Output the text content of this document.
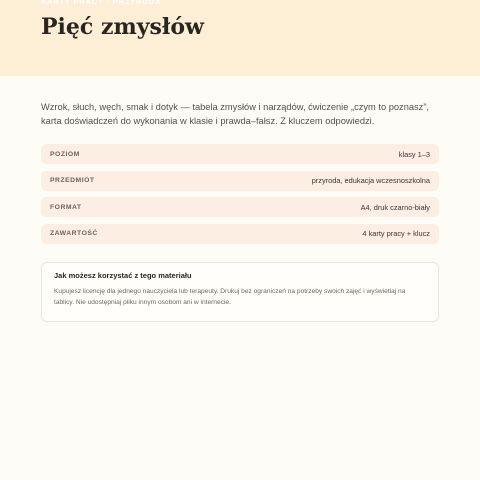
KARTY PRACY · PRZYRODA
Pięć zmysłów

Wzrok, słuch, węch, smak i dotyk — tabela zmysłów i narządów, ćwiczenie „czym to poznasz”, karta doświadczeń do wykonania w klasie i prawda–fałsz. Z kluczem odpowiedzi.

POZIOM	klasy 1–3
PRZEDMIOT	przyroda, edukacja wczesnoszkolna
FORMAT	A4, druk czarno-biały
ZAWARTOŚĆ	4 karty pracy + klucz

Jak możesz korzystać z tego materiału

Kupujesz licencję dla jednego nauczyciela lub terapeuty. Drukuj bez ograniczeń na potrzeby swoich zajęć i wyświetlaj na tablicy. Nie udostępniaj pliku innym osobom ani w internecie.
